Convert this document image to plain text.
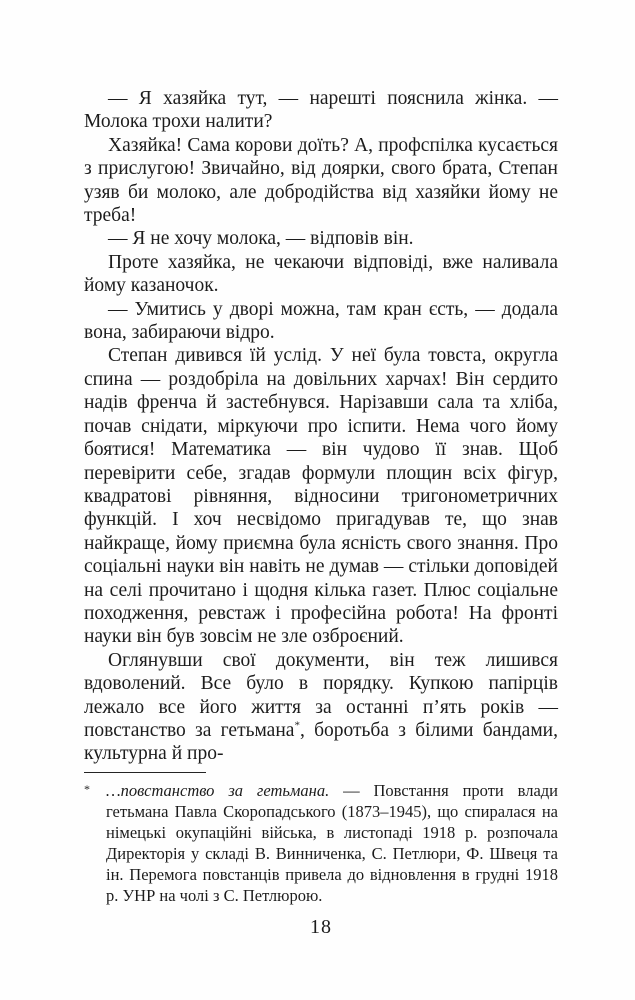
— Я хазяйка тут, — нарешті пояснила жінка. — Молока трохи налити?

Хазяйка! Сама корови доїть? А, профспілка кусається з прислугою! Звичайно, від доярки, свого брата, Степан узяв би молоко, але добродійства від хазяйки йому не треба!

— Я не хочу молока, — відповів він.

Проте хазяйка, не чекаючи відповіді, вже наливала йому казаночок.

— Умитись у дворі можна, там кран єсть, — додала вона, забираючи відро.

Степан дивився їй услід. У неї була товста, округла спина — роздобріла на довільних харчах! Він сердито надів френча й застебнувся. Нарізавши сала та хліба, почав снідати, міркуючи про іспити. Нема чого йому боятися! Математика — він чудово її знав. Щоб перевірити себе, згадав формули площин всіх фігур, квадратові рівняння, відносини тригонометричних функцій. І хоч несвідомо пригадував те, що знав найкраще, йому приємна була ясність свого знання. Про соціальні науки він навіть не думав — стільки доповідей на селі прочитано і щодня кілька газет. Плюс соціальне походження, ревстаж і професійна робота! На фронті науки він був зовсім не зле озброєний.

Оглянувши свої документи, він теж лишився вдоволений. Все було в порядку. Купкою папірців лежало все його життя за останні п’ять років — повстанство за гетьмана*, боротьба з білими бандами, культурна й про-

* …повстанство за гетьмана. — Повстання проти влади гетьмана Павла Скоропадського (1873–1945), що спиралася на німецькі окупаційні війська, в листопаді 1918 р. розпочала Директорія у складі В. Винниченка, С. Петлюри, Ф. Швеця та ін. Перемога повстанців привела до відновлення в грудні 1918 р. УНР на чолі з С. Петлюрою.
18
